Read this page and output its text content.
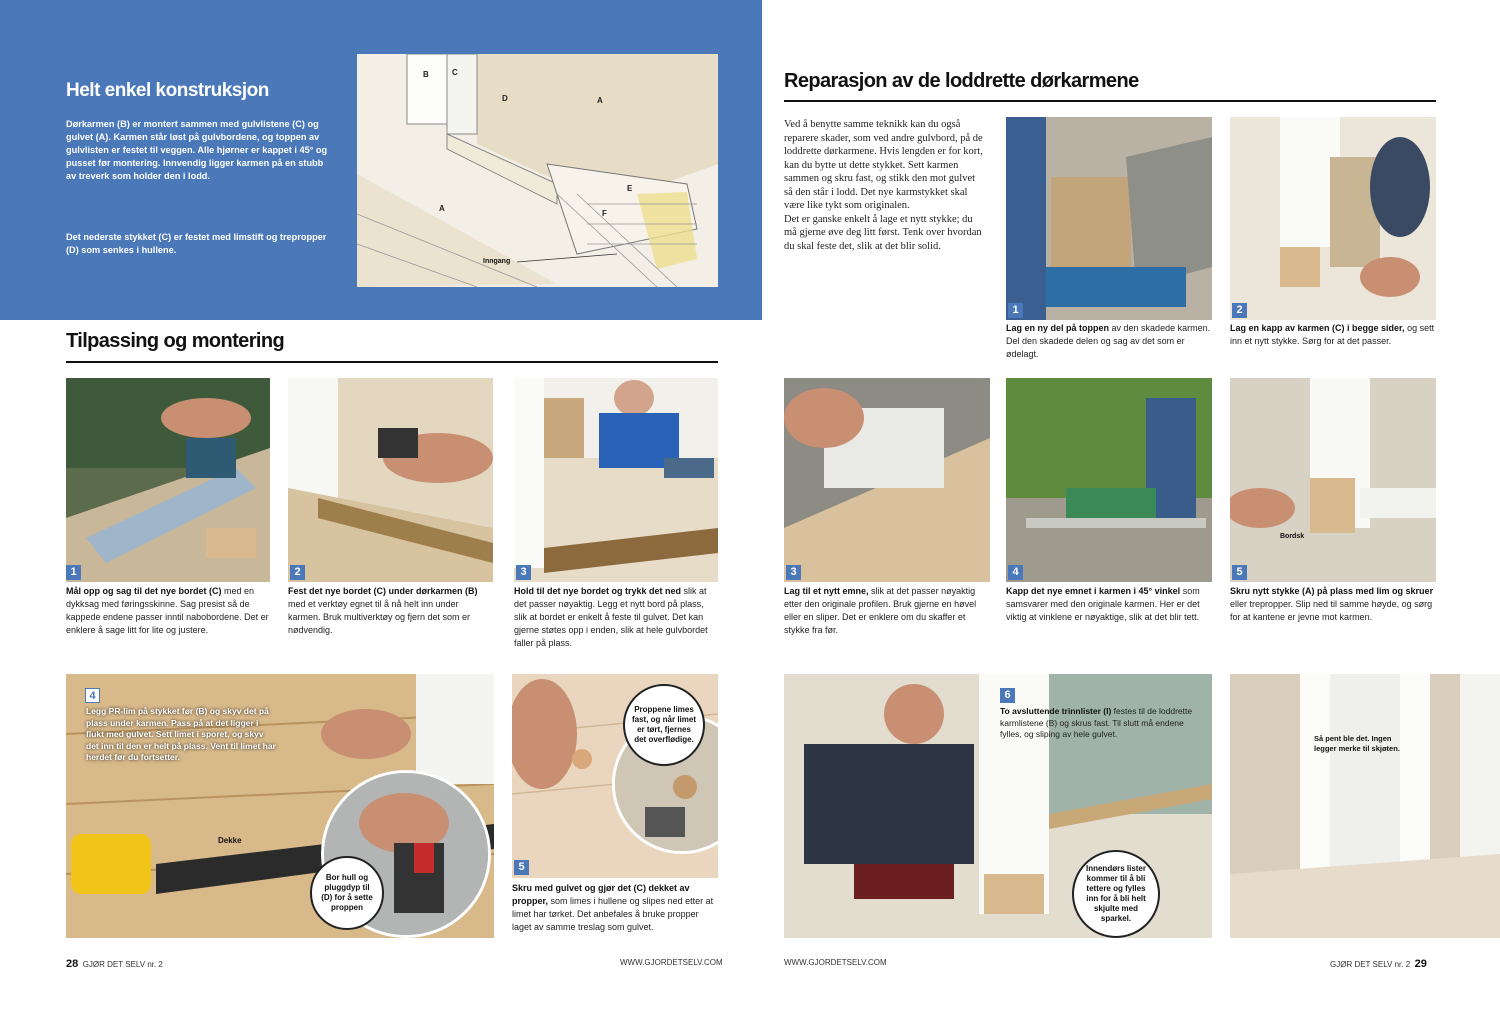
Helt enkel konstruksjon
Dørkarmen (B) er montert sammen med gulvlistene (C) og gulvet (A). Karmen står løst på gulvbordene, og toppen av gulvlisten er festet til veggen. Alle hjørner er kappet i 45° og pusset før montering. Innvendig ligger karmen på en stubb av treverk som holder den i lodd.
Det nederste stykket (C) er festet med limstift og trepropper (D) som senkes i hullene.
A
A
B	C
D
E
F
Inngang
Tilpassing og montering
1	2	3
Mål opp og sag til det nye bordet (C) med en dykksag med føringsskinne. Sag presist så de kappede endene passer inntil nabobordene. Det er enklere å sage litt for lite og justere.
Fest det nye bordet (C) under dørkarmen (B) med et verktøy egnet til å nå helt inn under karmen. Bruk multiverktøy og fjern det som er nødvendig.
Hold til det nye bordet og trykk det ned slik at det passer nøyaktig. Legg et nytt bord på plass, slik at bordet er enkelt å feste til gulvet. Det kan gjerne støtes opp i enden, slik at hele gulvbordet faller på plass.
4
Legg PR-lim på stykket før (B) og skyv det på plass under karmen. Pass på at det ligger i flukt med gulvet. Sett limet i sporet, og skyv det inn til den er helt på plass. Vent til limet har herdet før du fortsetter.
Bor hull og pluggdyp til (D) for å sette proppen
Dekke
Proppene limes fast, og når limet er tørt, fjernes det overflødige.
5
Skru med gulvet og gjør det (C) dekket av propper, som limes i hullene og slipes ned etter at limet har tørket. Det anbefales å bruke propper laget av samme treslag som gulvet.
28 GJØR DET SELV nr. 2	WWW.GJORDETSELV.COM
Reparasjon av de loddrette dørkarmene
Ved å benytte samme teknikk kan du også reparere skader, som ved andre gulvbord, på de loddrette dørkarmene. Hvis lengden er for kort, kan du bytte ut dette stykket. Sett karmen sammen og skru fast, og stikk den mot gulvet så den står i lodd. Det nye karmstykket skal være like tykt som originalen.
Det er ganske enkelt å lage et nytt stykke; du må gjerne øve deg litt først. Tenk over hvordan du skal feste det, slik at det blir solid.
1	2
Lag en ny del på toppen av den skadede karmen. Del den skadede delen og sag av det som er ødelagt.
Lag en kapp av karmen (C) i begge sider, og sett inn et nytt stykke. Sørg for at det passer.
3	4
Bordsk
5
Lag til et nytt emne, slik at det passer nøyaktig etter den originale profilen. Bruk gjerne en høvel eller en sliper. Det er enklere om du skaffer et stykke fra før.
Kapp det nye emnet i karmen i 45° vinkel som samsvarer med den originale karmen. Her er det viktig at vinklene er nøyaktige, slik at det blir tett.
Skru nytt stykke (A) på plass med lim og skruer eller trepropper. Slip ned til samme høyde, og sørg for at kantene er jevne mot karmen.
6
To avsluttende trinnlister (I) festes til de loddrette karmlistene (B) og skrus fast. Til slutt må endene fylles, og sliping av hele gulvet.
Innendørs lister kommer til å bli tettere og fylles inn for å bli helt skjulte med sparkel.
Så pent ble det. Ingen legger merke til skjøten.
WWW.GJORDETSELV.COM	GJØR DET SELV nr. 2 29
